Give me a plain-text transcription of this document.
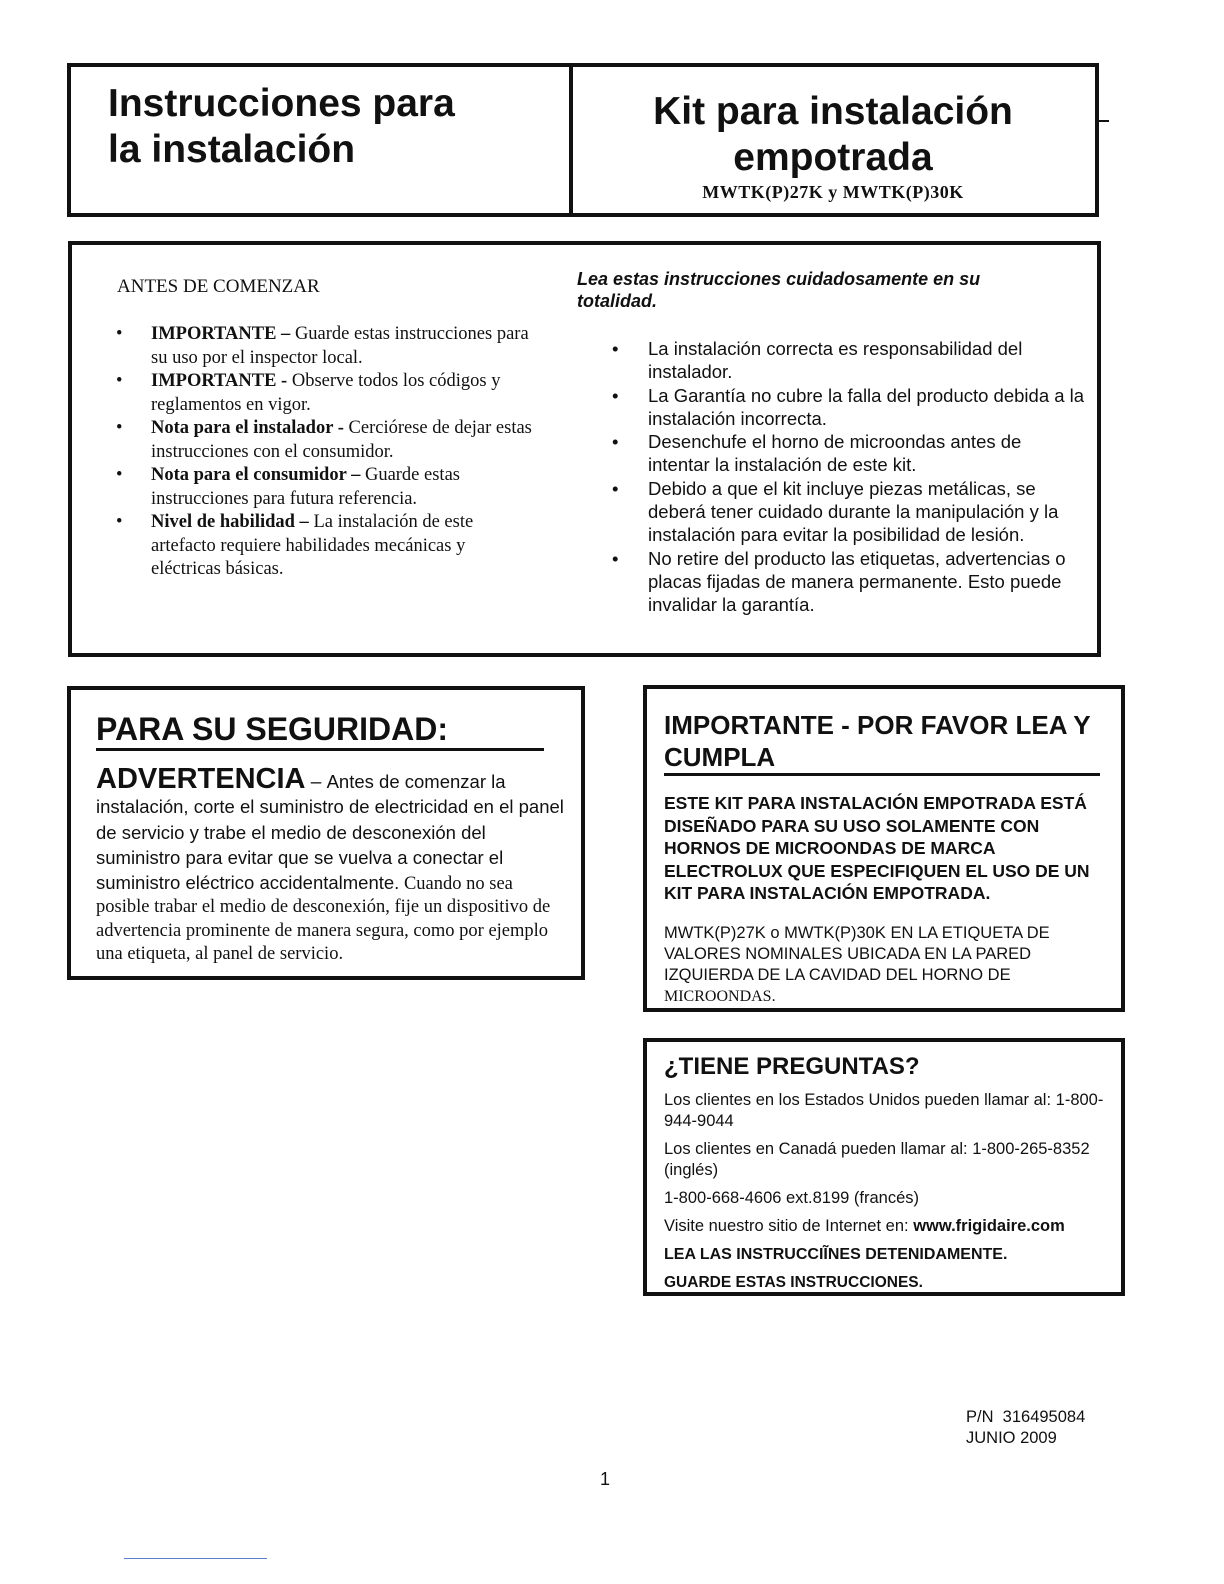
Instrucciones para
la instalación
Kit para instalación
empotrada
MWTK(P)27K y MWTK(P)30K
ANTES DE COMENZAR
• IMPORTANTE – Guarde estas instrucciones para su uso por el inspector local.
• IMPORTANTE - Observe todos los códigos y reglamentos en vigor.
• Nota para el instalador - Cerciórese de dejar estas instrucciones con el consumidor.
• Nota para el consumidor – Guarde estas instrucciones para futura referencia.
• Nivel de habilidad – La instalación de este artefacto requiere habilidades mecánicas y eléctricas básicas.
Lea estas instrucciones cuidadosamente en su totalidad.
La instalación correcta es responsabilidad del instalador.
La Garantía no cubre la falla del producto debida a la instalación incorrecta.
Desenchufe el horno de microondas antes de intentar la instalación de este kit.
Debido a que el kit incluye piezas metálicas, se deberá tener cuidado durante la manipulación y la instalación para evitar la posibilidad de lesión.
No retire del producto las etiquetas, advertencias o placas fijadas de manera permanente. Esto puede invalidar la garantía.
•
•
•
•
•
PARA SU SEGURIDAD:
ADVERTENCIA – Antes de comenzar la instalación, corte el suministro de electricidad en el panel de servicio y trabe el medio de desconexión del suministro para evitar que se vuelva a conectar el suministro eléctrico accidentalmente. Cuando no sea posible trabar el medio de desconexión, fije un dispositivo de advertencia prominente de manera segura, como por ejemplo una etiqueta, al panel de servicio.
IMPORTANTE - POR FAVOR LEA Y CUMPLA
ESTE KIT PARA INSTALACIÓN EMPOTRADA ESTÁ DISEÑADO PARA SU USO SOLAMENTE CON HORNOS DE MICROONDAS DE MARCA ELECTROLUX QUE ESPECIFIQUEN EL USO DE UN KIT PARA INSTALACIÓN EMPOTRADA.
MWTK(P)27K o MWTK(P)30K EN LA ETIQUETA DE VALORES NOMINALES UBICADA EN LA PARED IZQUIERDA DE LA CAVIDAD DEL HORNO DE MICROONDAS.
¿TIENE PREGUNTAS?

Los clientes en los Estados Unidos pueden llamar al: 1-800-944-9044

Los clientes en Canadá pueden llamar al: 1-800-265-8352 (inglés)

1-800-668-4606 ext.8199 (francés)

Visite nuestro sitio de Internet en: www.frigidaire.com

LEA LAS INSTRUCCIĨNES DETENIDAMENTE.

GUARDE ESTAS INSTRUCCIONES.

P/N  316495084
JUNIO 2009
1
